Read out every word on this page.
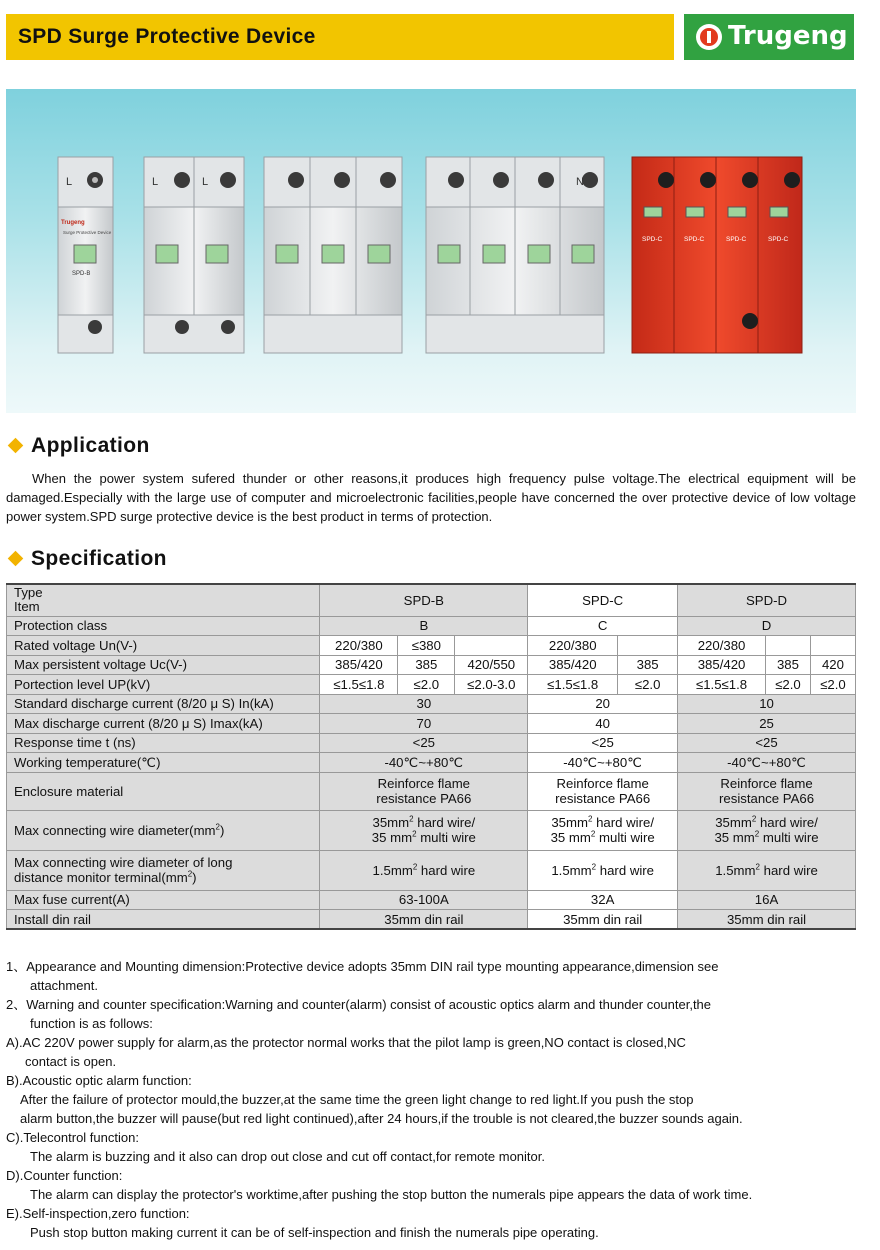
SPD Surge Protective Device	Trugeng
L
Trugeng
Surge Protective Device
SPD-B
L	L	N
SPD-C	SPD-C	SPD-C	SPD-C
Application
When the power system sufered thunder or other reasons,it produces high frequency pulse voltage.The electrical equipment will be damaged.Especially with the large use of computer and microelectronic facilities,people have concerned the over protective device of low voltage power system.SPD surge protective device is the best product in terms of protection.
Specification
Type
Item	SPD-B			SPD-C		SPD-D		
Protection class	B			C		D		
Rated voltage Un(V-)	220/380	≤380		220/380		220/380		
Max persistent voltage Uc(V-)	385/420	385	420/550	385/420	385	385/420	385	420
Portection level UP(kV)	≤1.5≤1.8	≤2.0	≤2.0-3.0	≤1.5≤1.8	≤2.0	≤1.5≤1.8	≤2.0	≤2.0
Standard discharge current (8/20 μ S) In(kA)	30			20		10		
Max discharge current (8/20 μ S) Imax(kA)	70			40		25		
Response time t (ns)	<25			<25		<25		
Working temperature(℃)	-40℃~+80℃			-40℃~+80℃		-40℃~+80℃		
Enclosure material	Reinforce flame
resistance PA66			Reinforce flame
resistance PA66		Reinforce flame
resistance PA66		
Max connecting wire $diameter(mm^2)$	$35mm^2$ hard wire/
35 $mm^2$ multi wire			$35mm^2$ hard wire/
35 $mm^2$ multi wire		$35mm^2$ hard wire/
35 $mm^2$ multi wire		
Max connecting wire diameter of long
distance monitor $terminal(mm^2)$	$1.5mm^2$ hard wire			$1.5mm^2$ hard wire		$1.5mm^2$ hard wire		
Max fuse current(A)	63-100A			32A		16A		
Install din rail	35mm din rail			35mm din rail		35mm din rail		

1、Appearance and Mounting dimension:Protective device adopts 35mm DIN rail type mounting appearance,dimension see

attachment.

2、Warning and counter specification:Warning and counter(alarm) consist of acoustic optics alarm and thunder counter,the

function is as follows:

A).AC 220V power supply for alarm,as the protector normal works that the pilot lamp is green,NO contact is closed,NC

contact is open.

B).Acoustic optic alarm function:

After the failure of protector mould,the buzzer,at the same time the green light change to red light.If you push the stop

alarm button,the buzzer will pause(but red light continued),after 24 hours,if the trouble is not cleared,the buzzer sounds again.

C).Telecontrol function:

The alarm is buzzing and it also can drop out close and cut off contact,for remote monitor.

D).Counter function:

The alarm can display the protector's worktime,after pushing the stop button the numerals pipe appears the data of work time.

E).Self-inspection,zero function:

Push stop button making current it can be of self-inspection and finish the numerals pipe operating.
